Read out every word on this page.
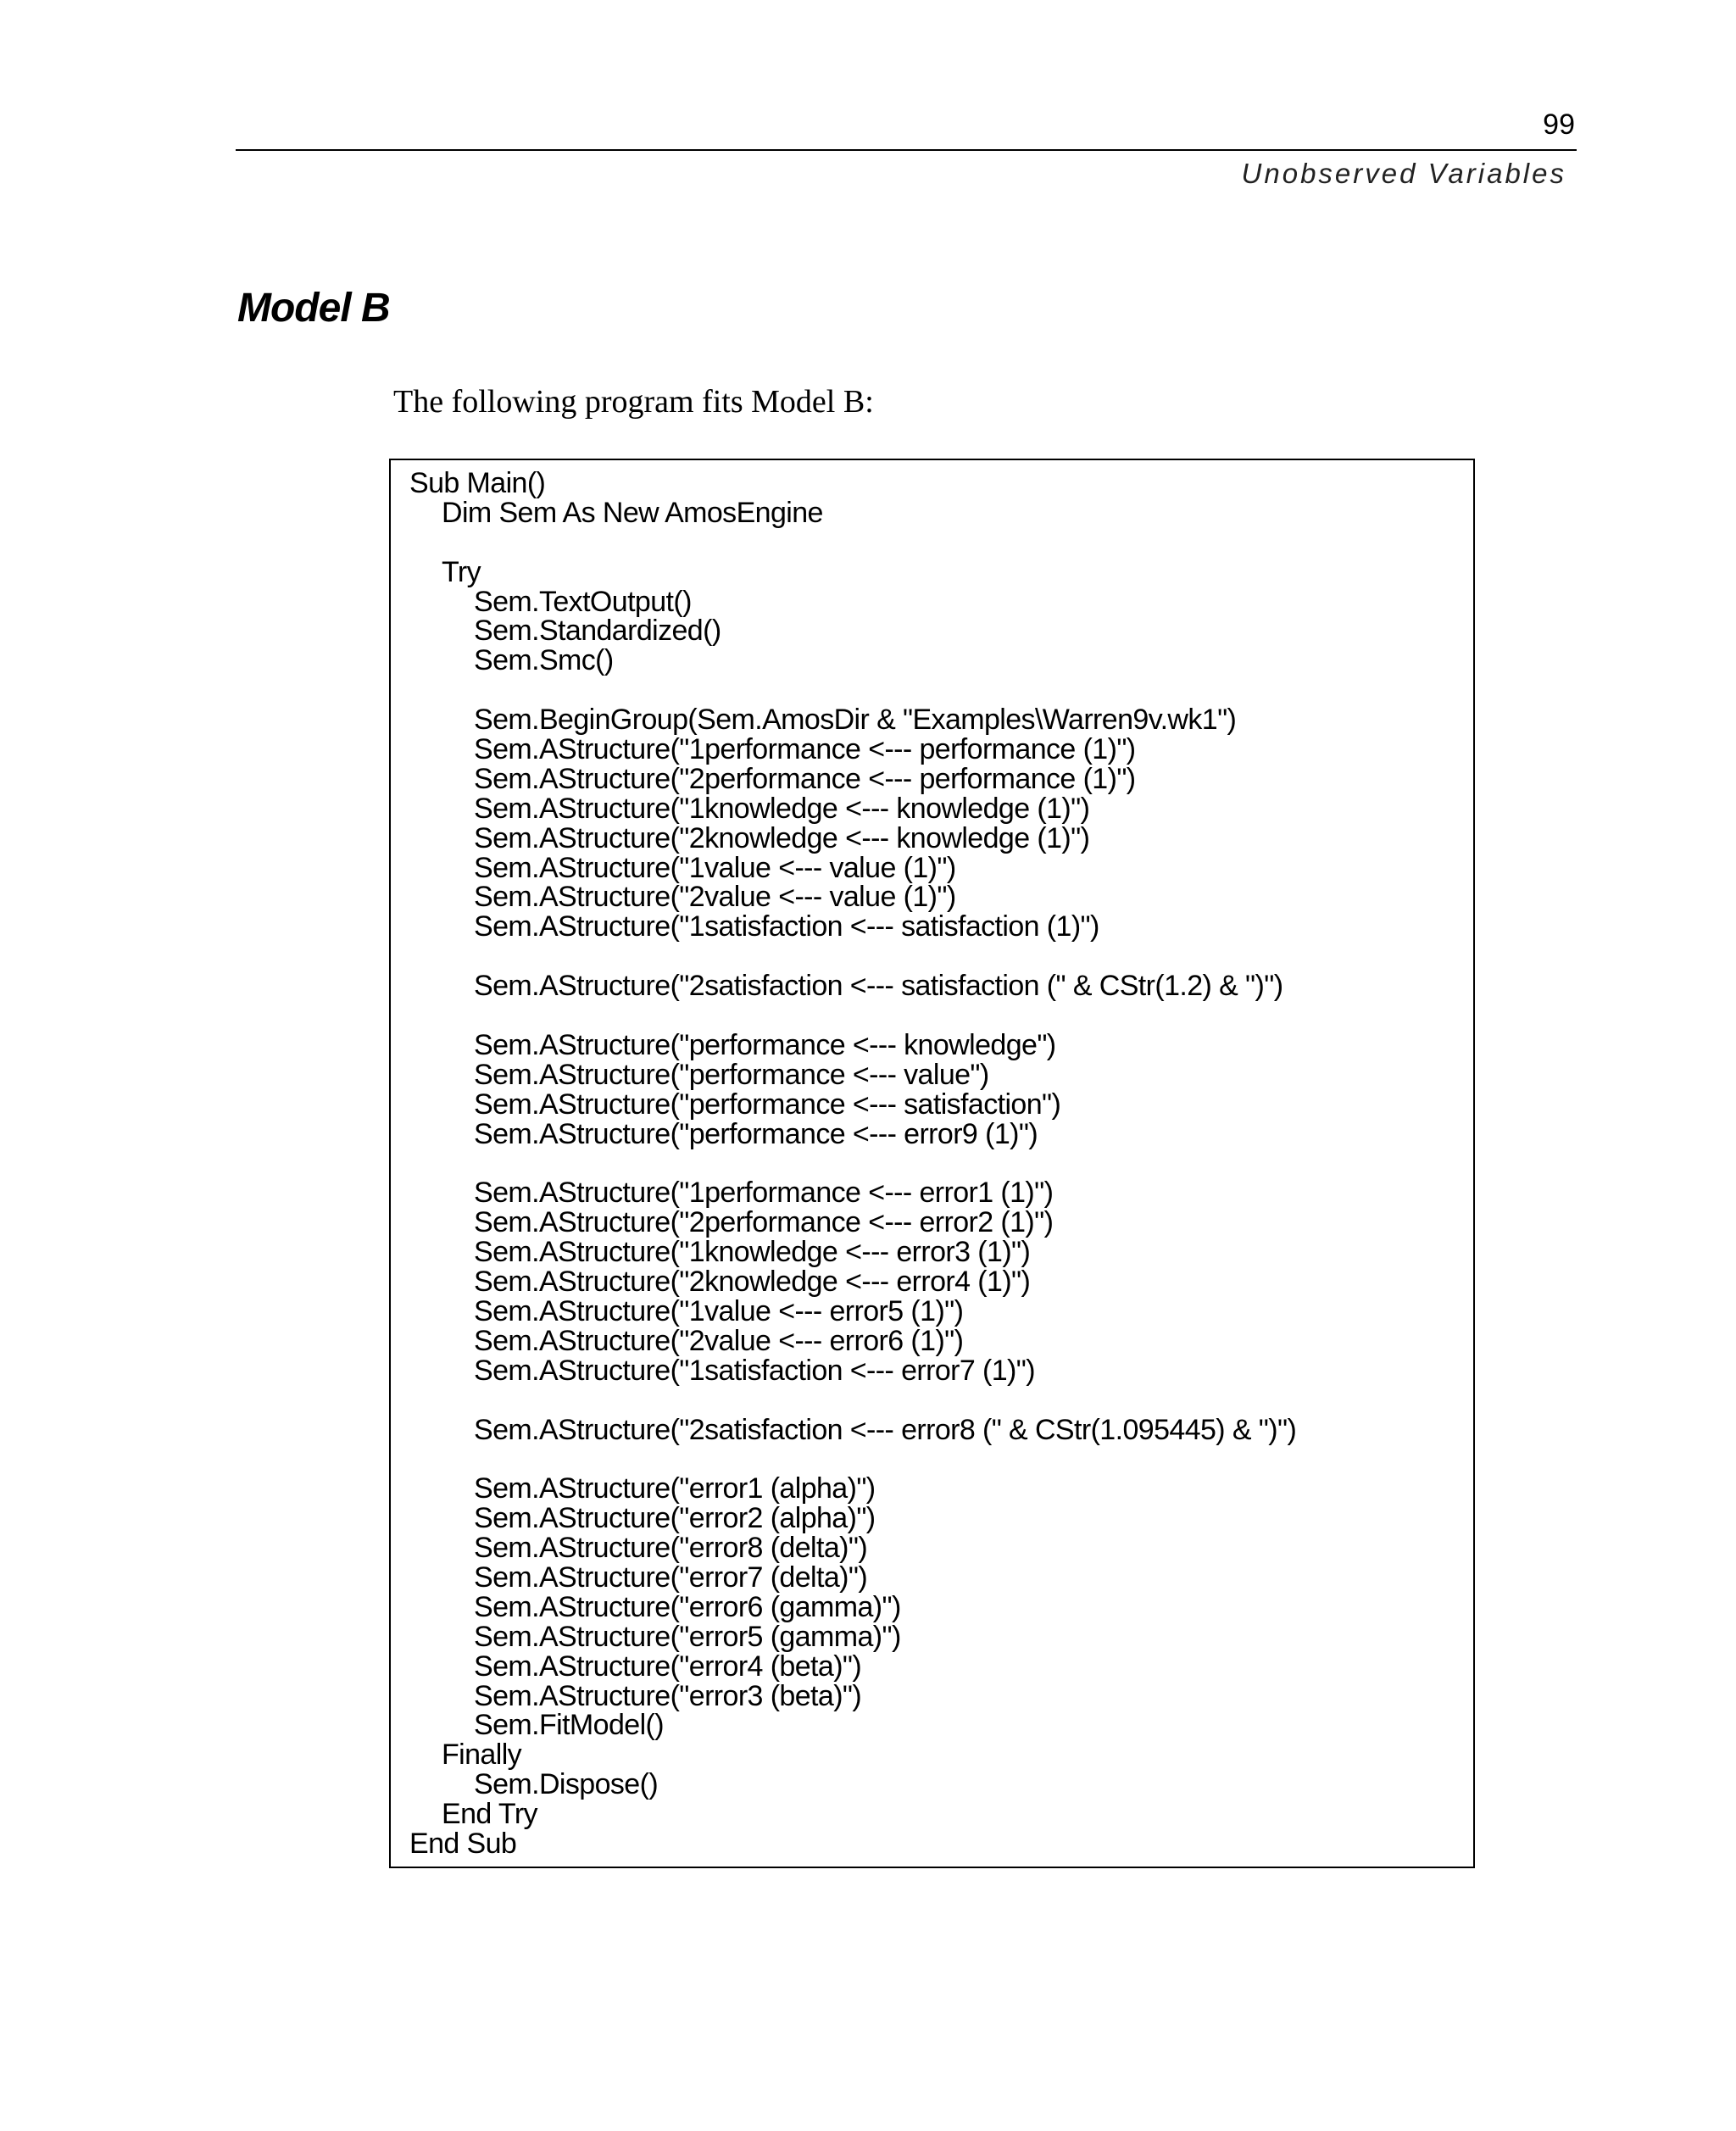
99
Unobserved Variables
Model B
The following program fits Model B:
Sub Main()
Dim Sem As New AmosEngine
Try
Sem.TextOutput()
Sem.Standardized()
Sem.Smc()
Sem.BeginGroup(Sem.AmosDir & "Examples\Warren9v.wk1")
Sem.AStructure("1performance <--- performance (1)")
Sem.AStructure("2performance <--- performance (1)")
Sem.AStructure("1knowledge <--- knowledge (1)")
Sem.AStructure("2knowledge <--- knowledge (1)")
Sem.AStructure("1value <--- value (1)")
Sem.AStructure("2value <--- value (1)")
Sem.AStructure("1satisfaction <--- satisfaction (1)")
Sem.AStructure("2satisfaction <--- satisfaction (" & CStr(1.2) & ")")
Sem.AStructure("performance <--- knowledge")
Sem.AStructure("performance <--- value")
Sem.AStructure("performance <--- satisfaction")
Sem.AStructure("performance <--- error9 (1)")
Sem.AStructure("1performance <--- error1 (1)")
Sem.AStructure("2performance <--- error2 (1)")
Sem.AStructure("1knowledge <--- error3 (1)")
Sem.AStructure("2knowledge <--- error4 (1)")
Sem.AStructure("1value <--- error5 (1)")
Sem.AStructure("2value <--- error6 (1)")
Sem.AStructure("1satisfaction <--- error7 (1)")
Sem.AStructure("2satisfaction <--- error8 (" & CStr(1.095445) & ")")
Sem.AStructure("error1 (alpha)")
Sem.AStructure("error2 (alpha)")
Sem.AStructure("error8 (delta)")
Sem.AStructure("error7 (delta)")
Sem.AStructure("error6 (gamma)")
Sem.AStructure("error5 (gamma)")
Sem.AStructure("error4 (beta)")
Sem.AStructure("error3 (beta)")
Sem.FitModel()
Finally
Sem.Dispose()
End Try
End Sub
